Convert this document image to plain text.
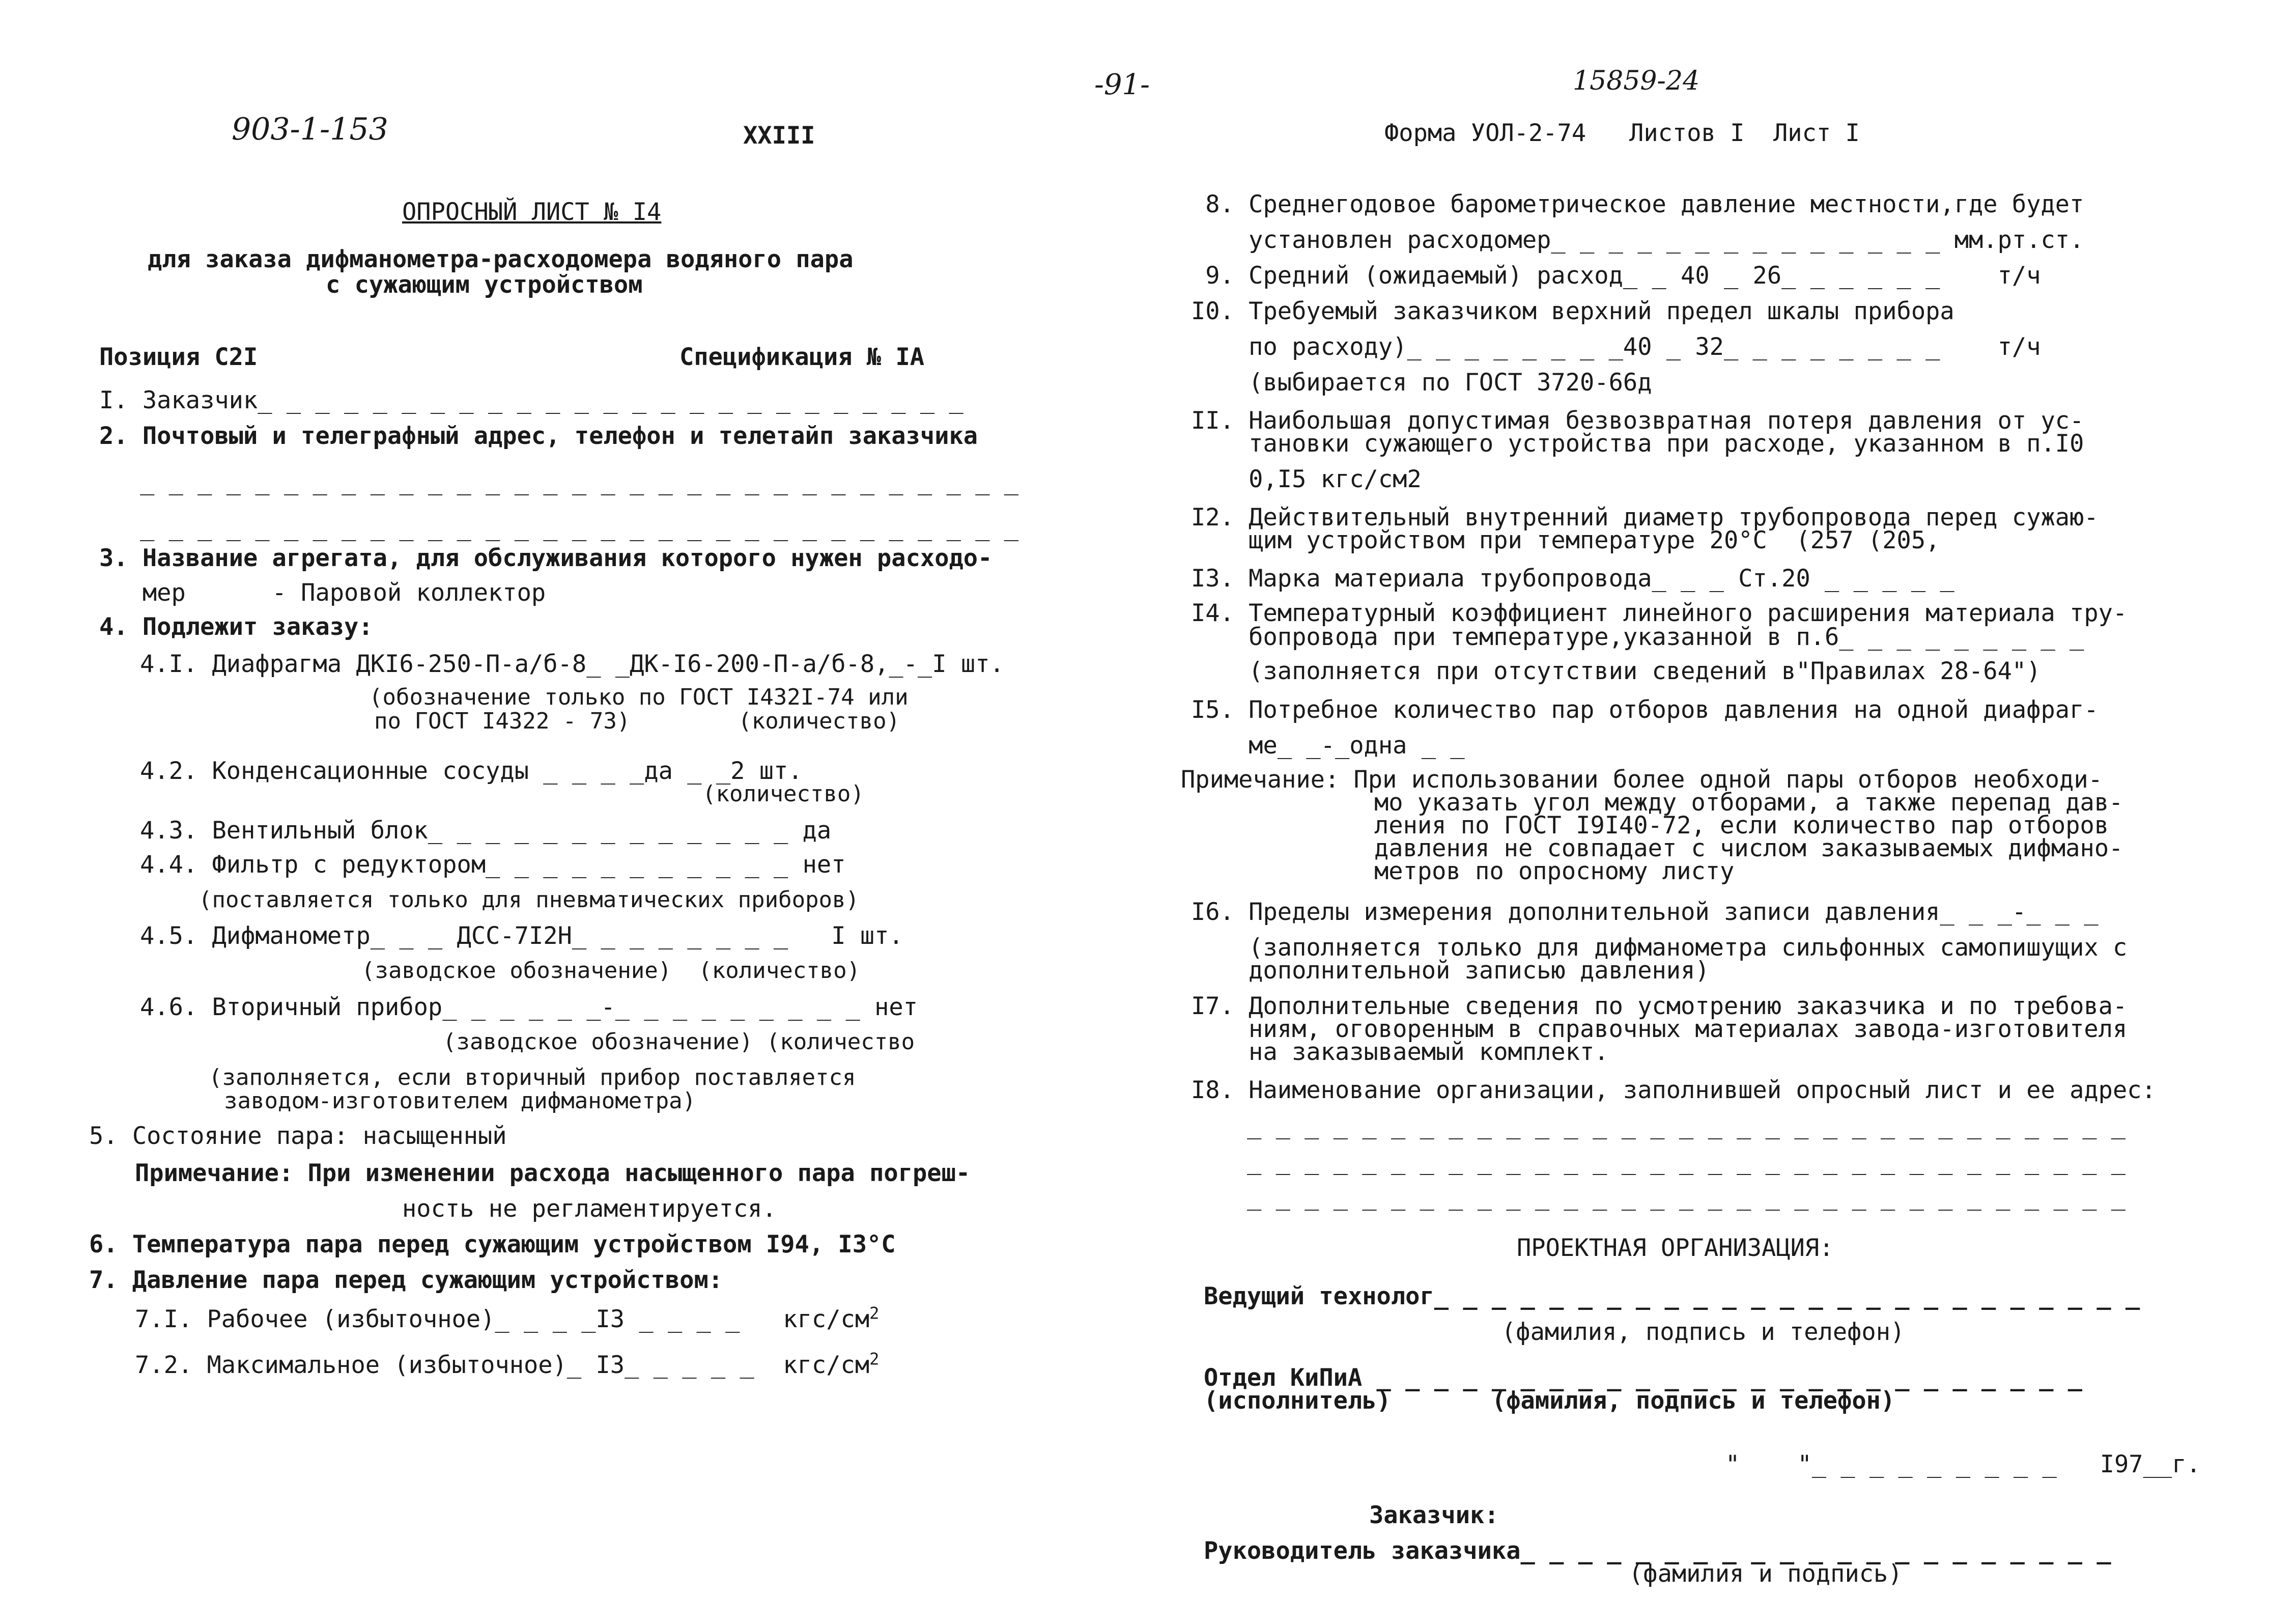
903-1-153
-91-	15859-24
XXIII	Форма УОЛ-2-74   Листов I  Лист I
ОПРОСНЫЙ ЛИСТ № I4
для заказа дифманометра-расходомера водяного пара
с сужающим устройством
Позиция С2I	Спецификация № IА
I. Заказчик_ _ _ _ _ _ _ _ _ _ _ _ _ _ _ _ _ _ _ _ _ _ _ _ _
2. Почтовый и телеграфный адрес, телефон и телетайп заказчика
_ _ _ _ _ _ _ _ _ _ _ _ _ _ _ _ _ _ _ _ _ _ _ _ _ _ _ _ _ _ _
_ _ _ _ _ _ _ _ _ _ _ _ _ _ _ _ _ _ _ _ _ _ _ _ _ _ _ _ _ _ _
3. Название агрегата, для обслуживания которого нужен расходо-
мер      - Паровой коллектор
4. Подлежит заказу:
4.I. Диафрагма ДКI6-250-П-а/б-8_ _ДК-I6-200-П-а/б-8,_-_I шт.
(обозначение только по ГОСТ I432I-74 или
по ГОСТ I4322 - 73)        (количество)
4.2. Конденсационные сосуды _ _ _ _да _ _2 шт.
(количество)
4.3. Вентильный блок_ _ _ _ _ _ _ _ _ _ _ _ _ да
4.4. Фильтр с редуктором_ _ _ _ _ _ _ _ _ _ _ нет
(поставляется только для пневматических приборов)
4.5. Дифманометр_ _ _ ДСС-7I2Н_ _ _ _ _ _ _ _   I шт.
(заводское обозначение)  (количество)
4.6. Вторичный прибор_ _ _ _ _ _-_ _ _ _ _ _ _ _ _ нет
(заводское обозначение) (количество
(заполняется, если вторичный прибор поставляется
заводом-изготовителем дифманометра)
5. Состояние пара: насыщенный
Примечание: При изменении расхода насыщенного пара погреш-
ность не регламентируется.
6. Температура пара перед сужающим устройством I94, I3°C
7. Давление пара перед сужающим устройством:
7.I. Рабочее (избыточное)_ _ _ _I3 _ _ _ _   кгс/$см^2$
7.2. Максимальное (избыточное)_ I3_ _ _ _ _  кгс/$см^2$
8. Среднегодовое барометрическое давление местности,где будет
установлен расходомер_ _ _ _ _ _ _ _ _ _ _ _ _ _ мм.рт.ст.
9. Средний (ожидаемый) расход_ _ 40 _ 26_ _ _ _ _ _    т/ч
I0. Требуемый заказчиком верхний предел шкалы прибора
по расходу)_ _ _ _ _ _ _ _40 _ 32_ _ _ _ _ _ _ _    т/ч
(выбирается по ГОСТ 3720-66д
II. Наибольшая допустимая безвозвратная потеря давления от ус-
тановки сужающего устройства при расходе, указанном в п.I0
0,I5 кгс/см2
I2. Действительный внутренний диаметр трубопровода перед сужаю-
щим устройством при температуре 20°С  (257 (205,
I3. Марка материала трубопровода_ _ _ Ст.20 _ _ _ _ _
I4. Температурный коэффициент линейного расширения материала тру-
бопровода при температуре,указанной в п.6_ _ _ _ _ _ _ _ _
(заполняется при отсутствии сведений в"Правилах 28-64")
I5. Потребное количество пар отборов давления на одной диафраг-
ме_ _-_одна _ _
Примечание: При использовании более одной пары отборов необходи-
мо указать угол между отборами, а также перепад дав-
ления по ГОСТ I9I40-72, если количество пар отборов
давления не совпадает с числом заказываемых дифмано-
метров по опросному листу
I6. Пределы измерения дополнительной записи давления_ _ _-_ _ _
(заполняется только для дифманометра сильфонных самопишущих с
дополнительной записью давления)
I7. Дополнительные сведения по усмотрению заказчика и по требова-
ниям, оговоренным в справочных материалах завода-изготовителя
на заказываемый комплект.
I8. Наименование организации, заполнившей опросный лист и ее адрес:
_ _ _ _ _ _ _ _ _ _ _ _ _ _ _ _ _ _ _ _ _ _ _ _ _ _ _ _ _ _ _
_ _ _ _ _ _ _ _ _ _ _ _ _ _ _ _ _ _ _ _ _ _ _ _ _ _ _ _ _ _ _
_ _ _ _ _ _ _ _ _ _ _ _ _ _ _ _ _ _ _ _ _ _ _ _ _ _ _ _ _ _ _
ПРОЕКТНАЯ ОРГАНИЗАЦИЯ:
Ведущий технолог_ _ _ _ _ _ _ _ _ _ _ _ _ _ _ _ _ _ _ _ _ _ _ _ _
(фамилия, подпись и телефон)
Отдел КиПиА _ _ _ _ _ _ _ _ _ _ _ _ _ _ _ _ _ _ _ _ _ _ _ _ _
(исполнитель)       (фамилия, подпись и телефон)
"    "_ _ _ _ _ _ _ _ _   I97__г.
Заказчик:
Руководитель заказчика_ _ _ _ _ _ _ _ _ _ _ _ _ _ _ _ _ _ _ _ _
(фамилия и подпись)
